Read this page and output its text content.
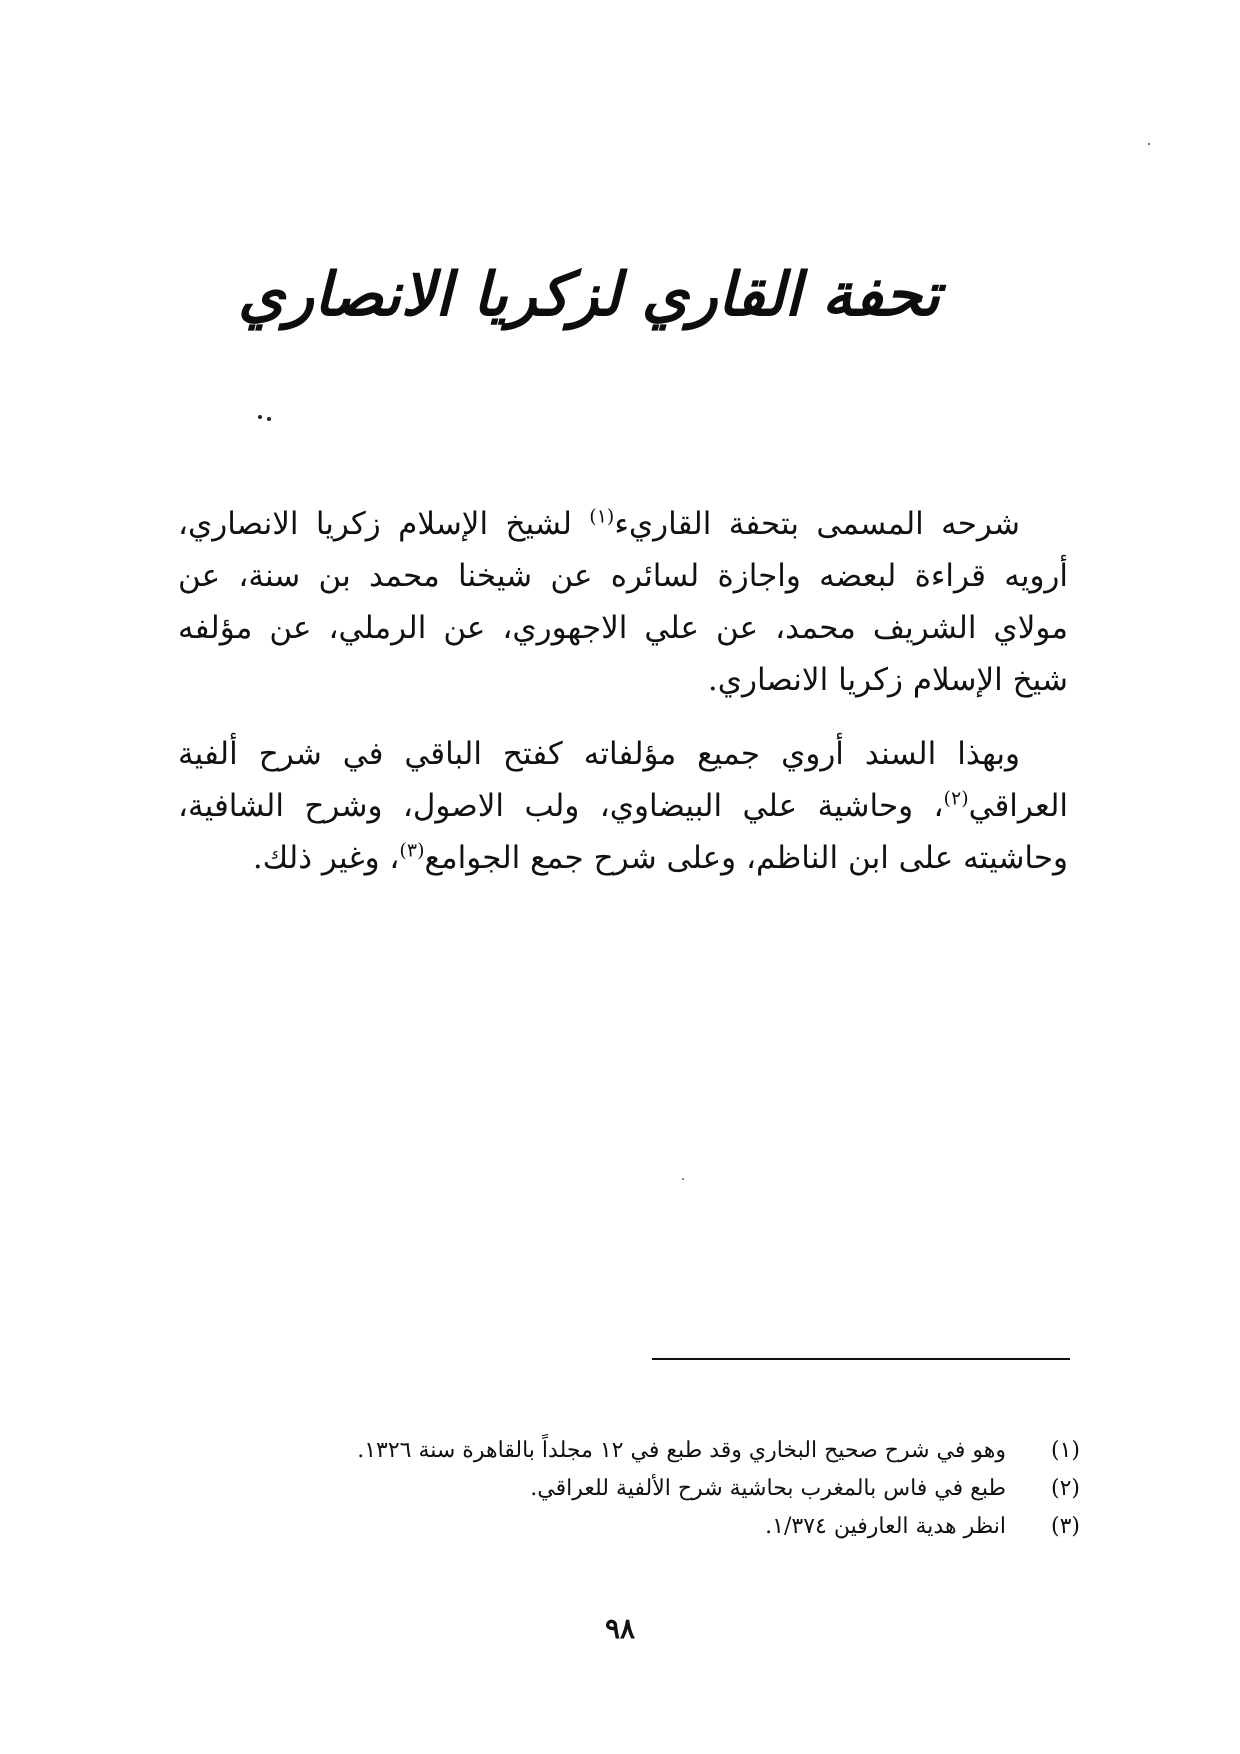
تحفة القاري لزكريا الانصاري

شرحه المسمى بتحفة القاريء$^{(١)}$ لشيخ الإسلام زكريا الانصاري، أرويه قراءة لبعضه واجازة لسائره عن شيخنا محمد بن سنة، عن مولاي الشريف محمد، عن علي الاجهوري، عن الرملي، عن مؤلفه شيخ الإسلام زكريا الانصاري.

وبهذا السند أروي جميع مؤلفاته كفتح الباقي في شرح ألفية العراقي$^{(٢)}$، وحاشية علي البيضاوي، ولب الاصول، وشرح الشافية، وحاشيته على ابن الناظم، وعلى شرح جمع الجوامع$^{(٣)}$، وغير ذلك.

(١)
وهو في شرح صحيح البخاري وقد طبع في ١٢ مجلداً بالقاهرة سنة ١٣٢٦.
(٢)
طبع في فاس بالمغرب بحاشية شرح الألفية للعراقي.
(٣)
انظر هدية العارفين ١/٣٧٤.
٩٨
